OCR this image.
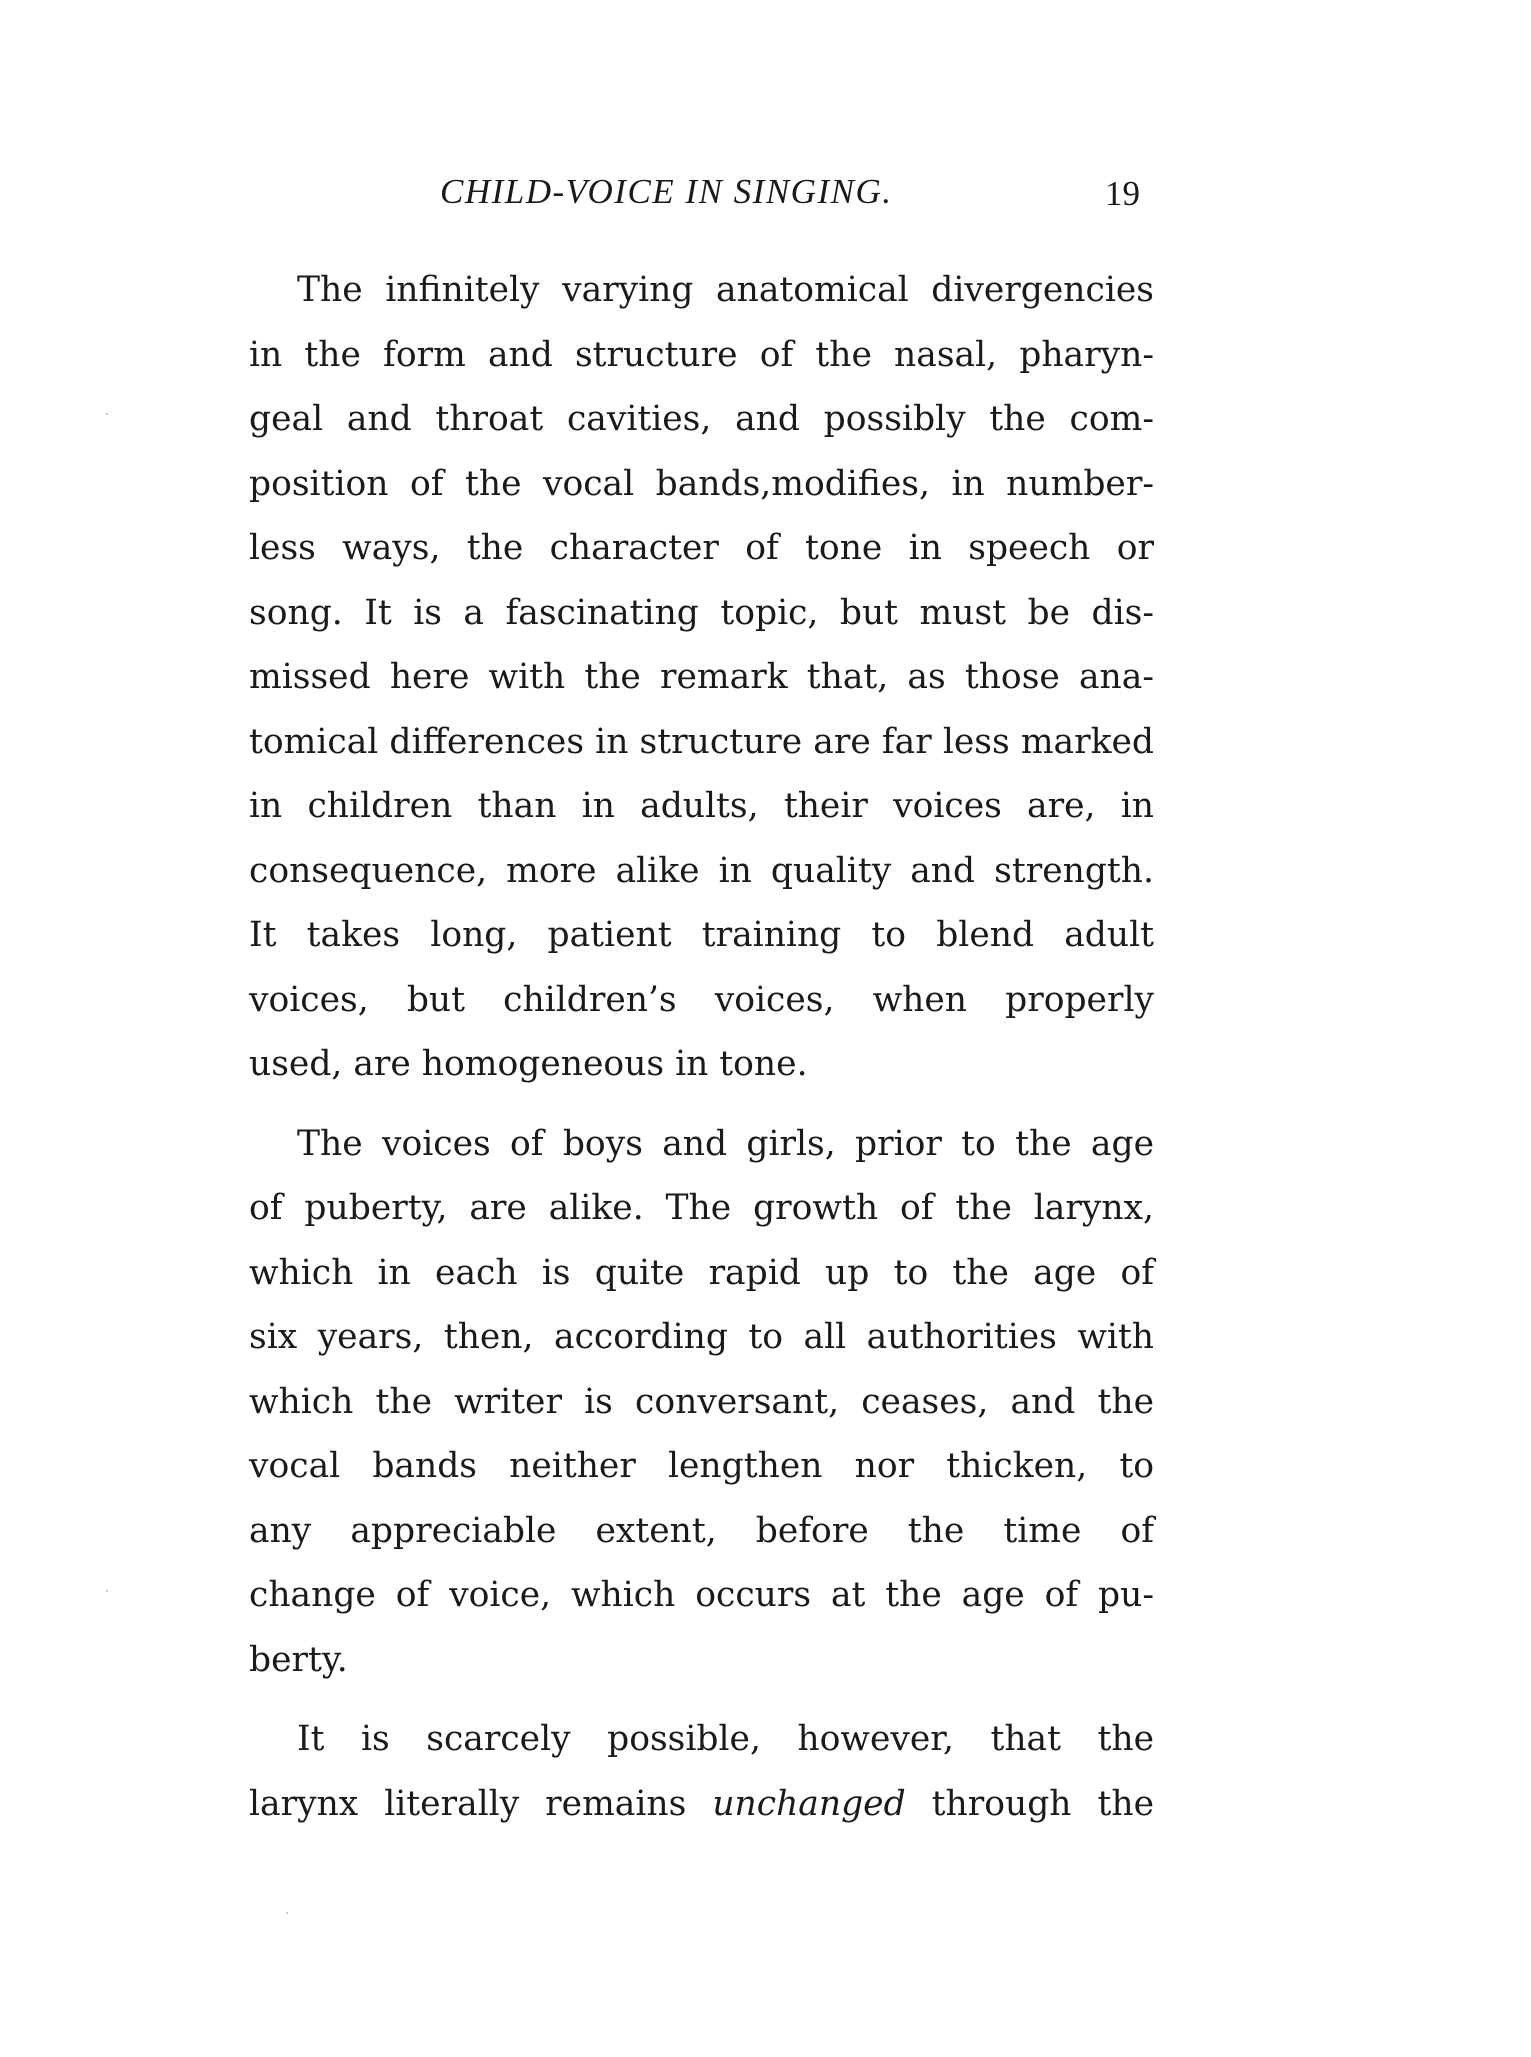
CHILD-VOICE IN SINGING.	19
The infinitely varying anatomical divergencies
in the form and structure of the nasal, pharyn-
geal and throat cavities, and possibly the com-
position of the vocal bands,modifies, in number-
less ways, the character of tone in speech or
song. It is a fascinating topic, but must be dis-
missed here with the remark that, as those ana-
tomical differences in structure are far less marked
in children than in adults, their voices are, in
consequence, more alike in quality and strength.
It takes long, patient training to blend adult
voices, but children’s voices, when properly
used, are homogeneous in tone.
The voices of boys and girls, prior to the age
of puberty, are alike. The growth of the larynx,
which in each is quite rapid up to the age of
six years, then, according to all authorities with
which the writer is conversant, ceases, and the
vocal bands neither lengthen nor thicken, to
any appreciable extent, before the time of
change of voice, which occurs at the age of pu-
berty.
It is scarcely possible, however, that the
larynx literally remains unchanged through the
